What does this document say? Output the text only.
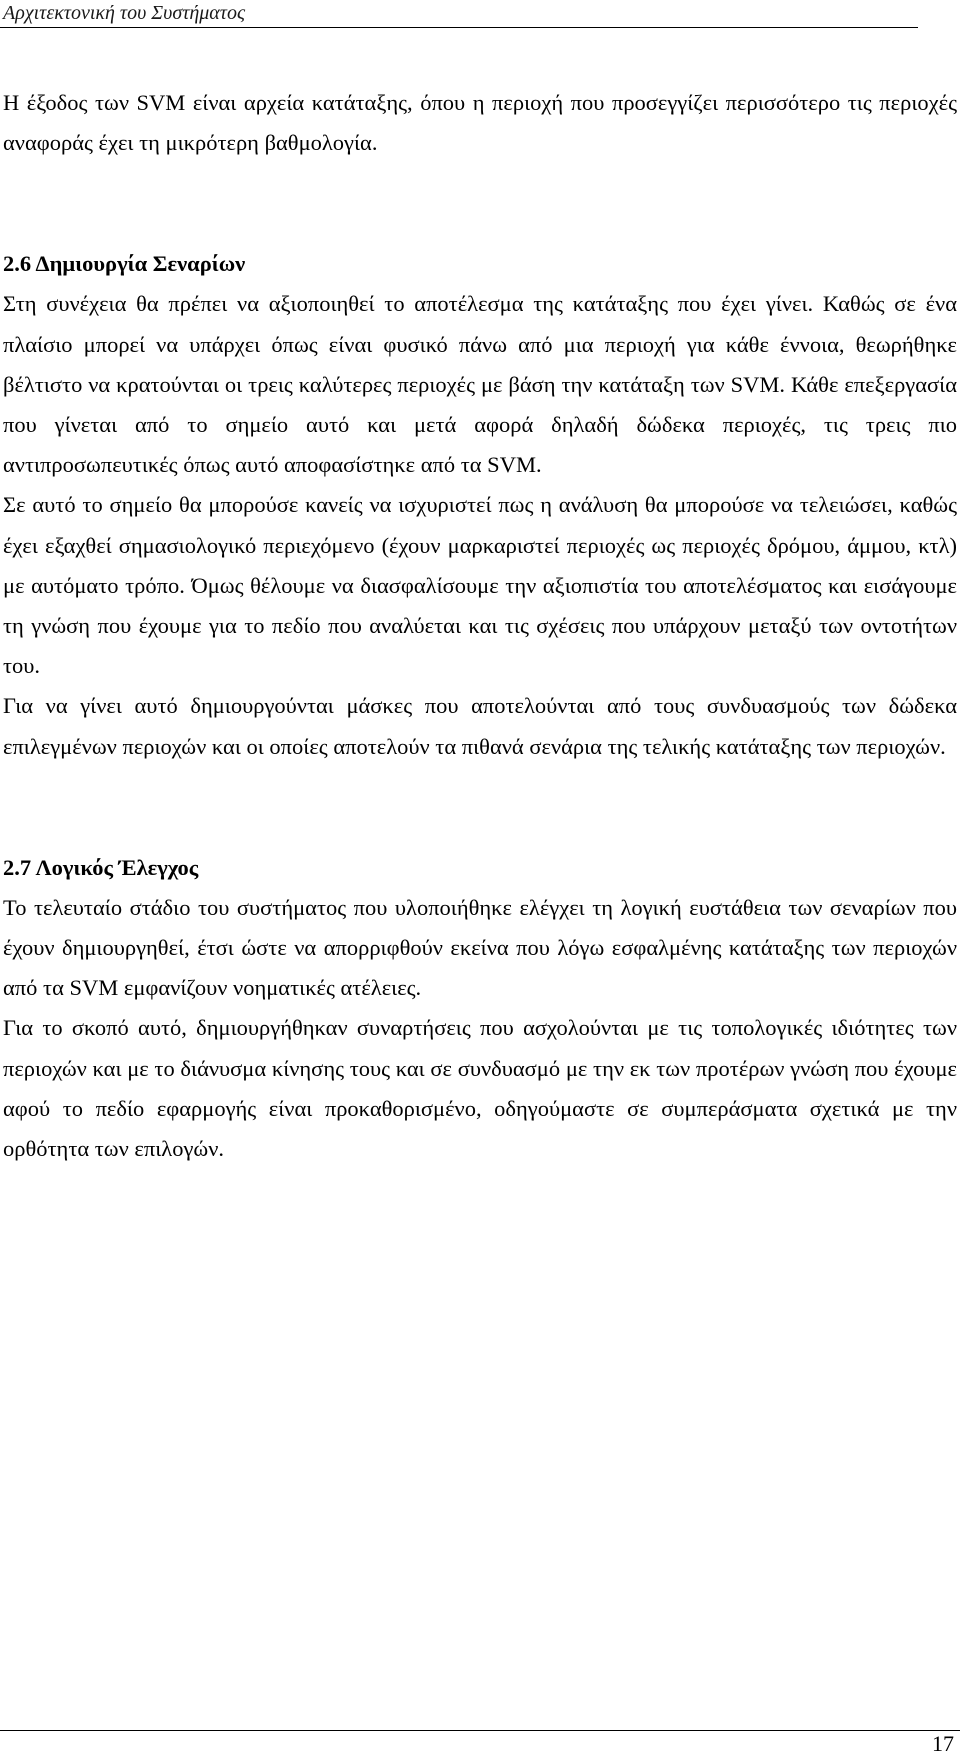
Αρχιτεκτονική του Συστήματος

Η έξοδος των SVM είναι αρχεία κατάταξης, όπου η περιοχή που προσεγγίζει περισσότερο τις περιοχές αναφοράς έχει τη μικρότερη βαθμολογία.

2.6 Δημιουργία Σεναρίων

Στη συνέχεια θα πρέπει να αξιοποιηθεί το αποτέλεσμα της κατάταξης που έχει γίνει. Καθώς σε ένα πλαίσιο μπορεί να υπάρχει όπως είναι φυσικό πάνω από μια περιοχή για κάθε έννοια, θεωρήθηκε βέλτιστο να κρατούνται οι τρεις καλύτερες περιοχές με βάση την κατάταξη των SVM. Κάθε επεξεργασία που γίνεται από το σημείο αυτό και μετά αφορά δηλαδή δώδεκα περιοχές, τις τρεις πιο αντιπροσωπευτικές όπως αυτό αποφασίστηκε από τα SVM.

Σε αυτό το σημείο θα μπορούσε κανείς να ισχυριστεί πως η ανάλυση θα μπορούσε να τελειώσει, καθώς έχει εξαχθεί σημασιολογικό περιεχόμενο (έχουν μαρκαριστεί περιοχές ως περιοχές δρόμου, άμμου, κτλ) με αυτόματο τρόπο. Όμως θέλουμε να διασφαλίσουμε την αξιοπιστία του αποτελέσματος και εισάγουμε τη γνώση που έχουμε για το πεδίο που αναλύεται και τις σχέσεις που υπάρχουν μεταξύ των οντοτήτων του.

Για να γίνει αυτό δημιουργούνται μάσκες που αποτελούνται από τους συνδυασμούς των δώδεκα επιλεγμένων περιοχών και οι οποίες αποτελούν τα πιθανά σενάρια της τελικής κατάταξης των περιοχών.

2.7 Λογικός Έλεγχος

Το τελευταίο στάδιο του συστήματος που υλοποιήθηκε ελέγχει τη λογική ευστάθεια των σεναρίων που έχουν δημιουργηθεί, έτσι ώστε να απορριφθούν εκείνα που λόγω εσφαλμένης κατάταξης των περιοχών από τα SVM εμφανίζουν νοηματικές ατέλειες.

Για το σκοπό αυτό, δημιουργήθηκαν συναρτήσεις που ασχολούνται με τις τοπολογικές ιδιότητες των περιοχών και με το διάνυσμα κίνησης τους και σε συνδυασμό με την εκ των προτέρων γνώση που έχουμε αφού το πεδίο εφαρμογής είναι προκαθορισμένο, οδηγούμαστε σε συμπεράσματα σχετικά με την ορθότητα των επιλογών.

17
